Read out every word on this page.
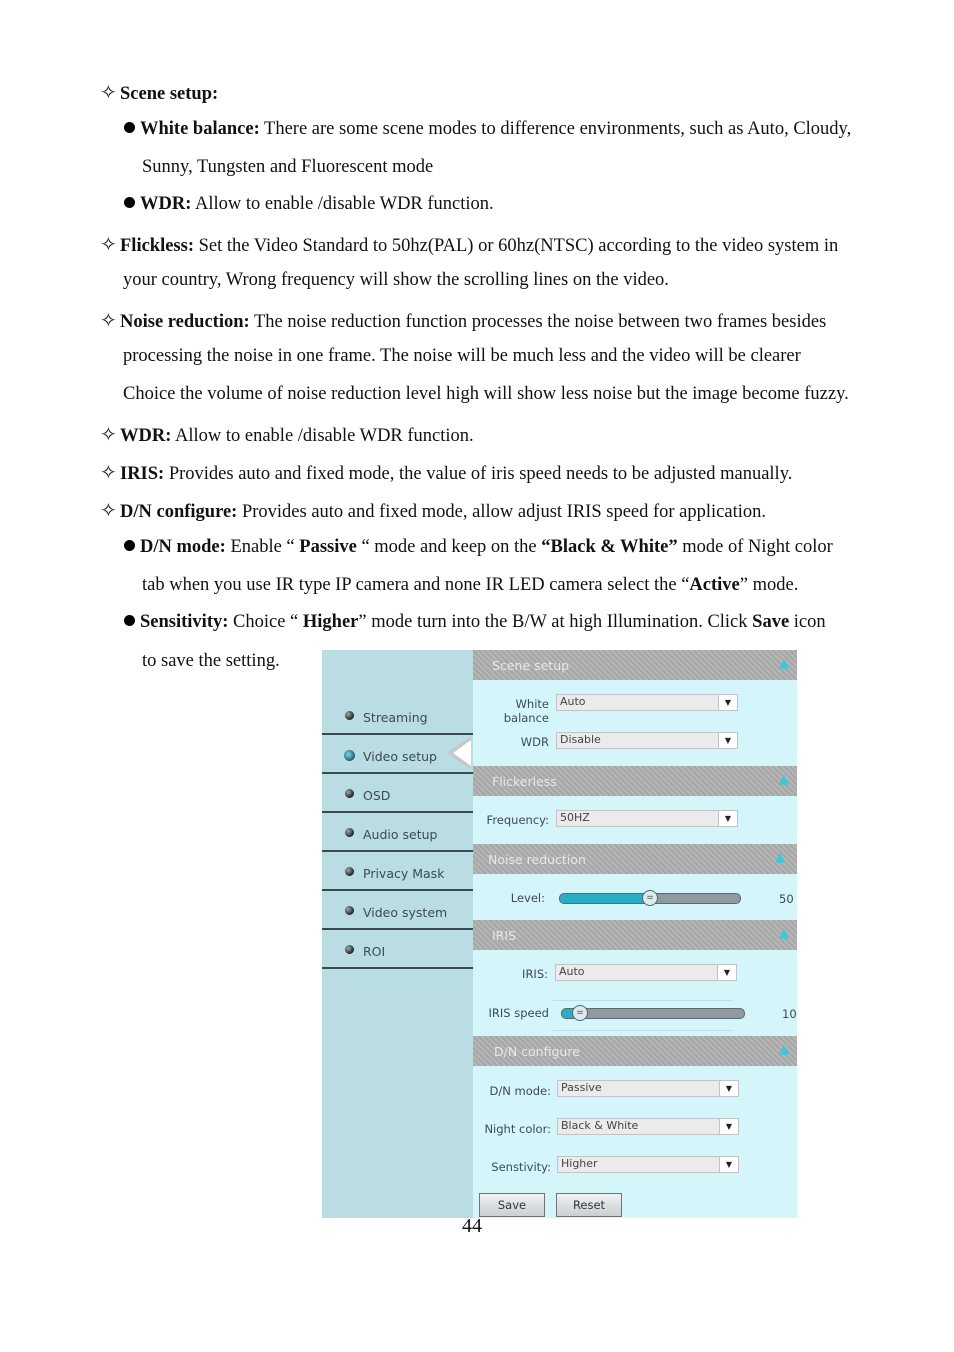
✧ Scene setup:
White balance: There are some scene modes to difference environments, such as Auto, Cloudy,
Sunny, Tungsten and Fluorescent mode
WDR: Allow to enable /disable WDR function.
✧ Flickless: Set the Video Standard to 50hz(PAL) or 60hz(NTSC) according to the video system in
your country, Wrong frequency will show the scrolling lines on the video.
✧ Noise reduction: The noise reduction function processes the noise between two frames besides
processing the noise in one frame. The noise will be much less and the video will be clearer
Choice the volume of noise reduction level high will show less noise but the image become fuzzy.
✧ WDR: Allow to enable /disable WDR function.
✧ IRIS: Provides auto and fixed mode, the value of iris speed needs to be adjusted manually.
✧ D/N configure: Provides auto and fixed mode, allow adjust IRIS speed for application.
D/N mode: Enable “ Passive “ mode and keep on the “Black & White” mode of Night color
tab when you use IR type IP camera and none IR LED camera select the “Active” mode.
Sensitivity: Choice “ Higher” mode turn into the B/W at high Illumination. Click Save icon
to save the setting.
Streaming
Video setup
OSD
Audio setup
Privacy Mask
Video system
ROI
Scene setup	▲
White balance
Auto	▼
WDR Disable	▼
Flickerless	▲
Frequency: 50HZ	▼
Noise reduction	▲
Level:	=	50
IRIS	▲
IRIS: Auto	▼
IRIS speed	=	10
D/N configure	▲
D/N mode: Passive	▼
Night color: Black & White	▼
Senstivity: Higher	▼
Save	Reset
44
